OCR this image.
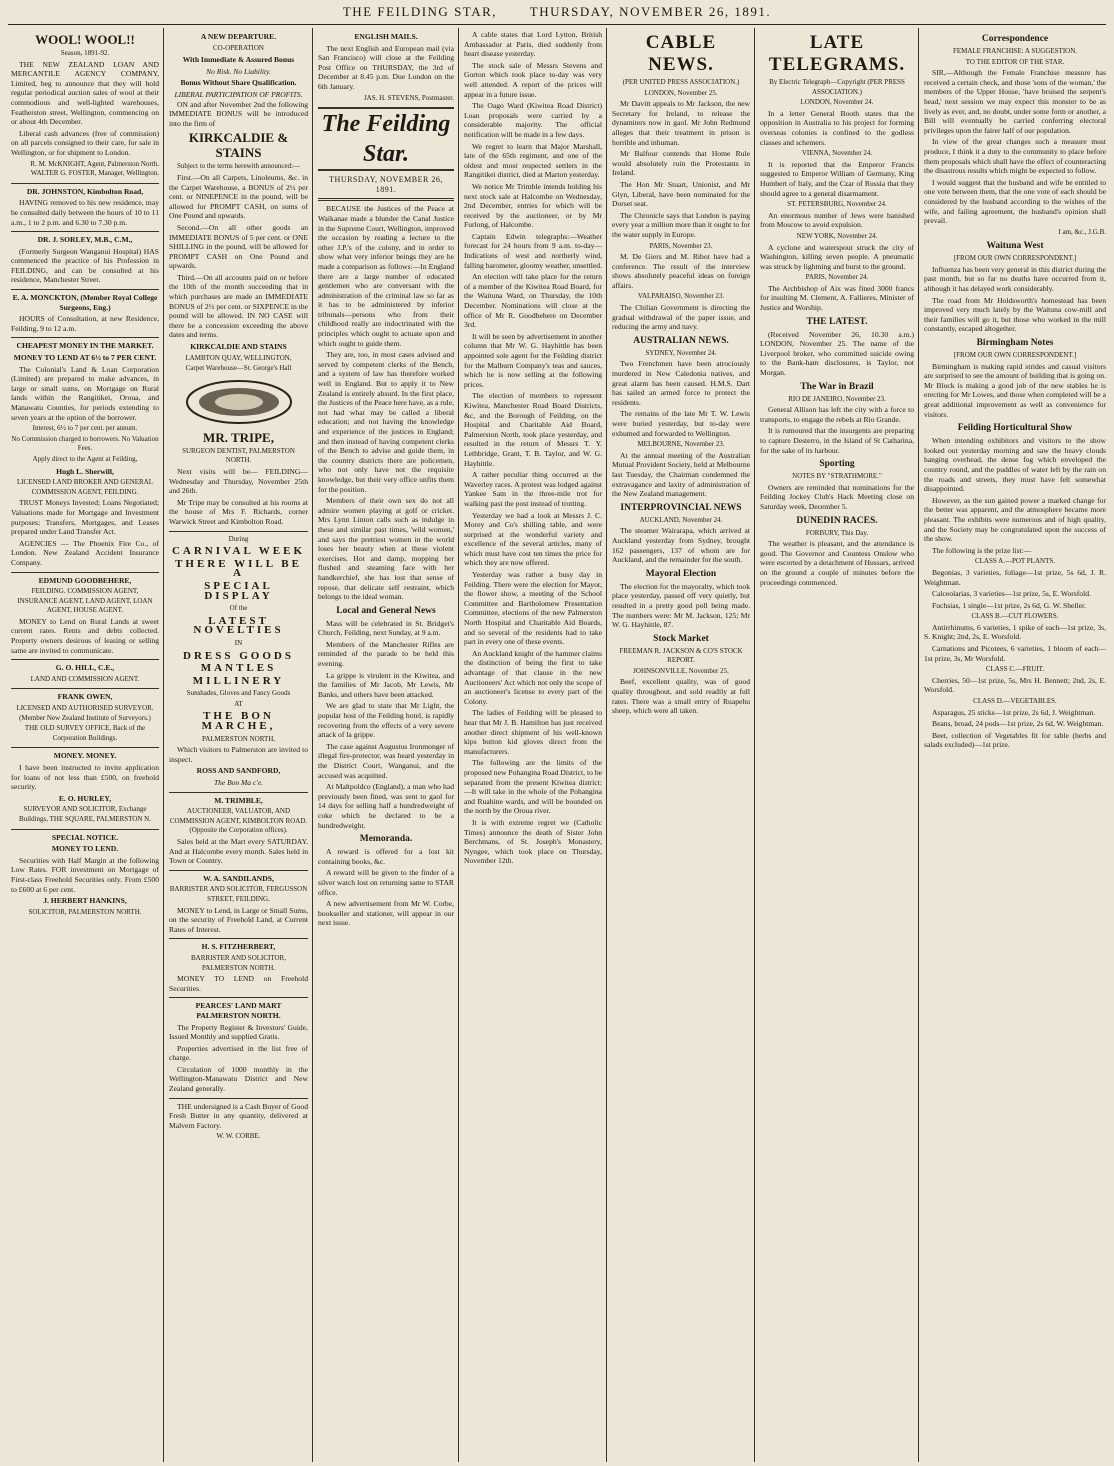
THE FEILDING STAR,	THURSDAY, NOVEMBER 26, 1891.
WOOL! WOOL!!
Season, 1891-92.

THE NEW ZEALAND LOAN AND MERCANTILE AGENCY COMPANY, Limited, beg to announce that they will hold regular periodical auction sales of wool at their commodious and well-lighted warehouses, Featherston street, Wellington, commencing on or about 4th December.

Liberal cash advances (free of commission) on all parcels consigned to their care, for sale in Wellington, or for shipment to London.

R. M. McKNIGHT, Agent, Palmerston North. WALTER G. FOSTER, Manager, Wellington.
DR. JOHNSTON, Kimbolton Road,

HAVING removed to his new residence, may be consulted daily between the hours of 10 to 11 a.m., 1 to 2 p.m. and 6.30 to 7.30 p.m.

DR. J. SORLEY, M.B., C.M.,

(Formerly Surgeon Wanganui Hospital) HAS commenced the practice of his Profession in FEILDING, and can be consulted at his residence, Manchester Street.

E. A. MONCKTON, (Member Royal College Surgeons, Eng.)

HOURS of Consultation, at new Residence, Feilding, 9 to 12 a.m.

CHEAPEST MONEY IN THE MARKET.
MONEY TO LEND AT 6½ to 7 PER CENT.

The Colonial's Land & Loan Corporation (Limited) are prepared to make advances, in large or small sums, on Mortgage on Rural lands within the Rangitikei, Oroua, and Manawatu Counties, for periods extending to seven years at the option of the borrower.

Interest, 6½ to 7 per cent. per annum.
No Commission charged to borrowers. No Valuation Fees.
Apply direct to the Agent at Feilding,
Hugh L. Sherwill,
LICENSED LAND BROKER AND GENERAL COMMISSION AGENT, FEILDING.

TRUST Moneys Invested; Loans Negotiated; Valuations made for Mortgage and Investment purposes; Transfers, Mortgages, and Leases prepared under Land Transfer Act.

AGENCIES — The Phoenix Fire Co., of London. New Zealand Accident Insurance Company.

EDMUND GOODBEHERE,
FEILDING. COMMISSION AGENT, INSURANCE AGENT, LAND AGENT, LOAN AGENT, HOUSE AGENT.

MONEY to Lend on Rural Lands at sweet current rates. Rents and debts collected. Property owners desirous of leasing or selling same are invited to communicate.

G. O. HILL, C.E.,
LAND AND COMMISSION AGENT.
FRANK OWEN,
LICENSED AND AUTHORISED SURVEYOR. (Member New Zealand Institute of Surveyors.)
THE OLD SURVEY OFFICE, Back of the Corporation Buildings.
MONEY. MONEY.

I have been instructed to invite application for loans of not less than £500, on freehold security.

E. O. HURLEY,
SURVEYOR AND SOLICITOR, Exchange Buildings, THE SQUARE, PALMERSTON N.
SPECIAL NOTICE.
MONEY TO LEND.

Securities with Half Margin at the following Low Rates. FOR investment on Mortgage of First-class Freehold Securities only. From £500 to £600 at 6 per cent.

J. HERBERT HANKINS,
SOLICITOR, PALMERSTON NORTH.
A NEW DEPARTURE.
CO-OPERATION
With Immediate & Assured Bonus
No Risk. No Liability.
Bonus Without Share Qualification.
LIBERAL PARTICIPATION OF PROFITS.

ON and after November 2nd the following IMMEDIATE BONUS will be introduced into the firm of

KIRKCALDIE & STAINS
Subject to the terms herewith announced:—

First.—On all Carpets, Linoleums, &c. in the Carpet Warehouse, a BONUS of 2½ per cent. or NINEPENCE in the pound, will be allowed for PROMPT CASH, on sums of One Pound and upwards.

Second.—On all other goods an IMMEDIATE BONUS of 5 per cent. or ONE SHILLING in the pound, will be allowed for PROMPT CASH on One Pound and upwards.

Third.—On all accounts paid on or before the 10th of the month succeeding that in which purchases are made an IMMEDIATE BONUS of 2½ per cent. or SIXPENCE in the pound will be allowed. IN NO CASE will there be a concession exceeding the above dates and terms.

KIRKCALDIE AND STAINS
LAMBTON QUAY, WELLINGTON,
Carpet Warehouse—St. George's Hall
MR. TRIPE,
SURGEON DENTIST, PALMERSTON NORTH.

Next visits will be— FEILDING—Wednesday and Thursday, November 25th and 26th.

Mr Tripe may be consulted at his rooms at the house of Mrs F. Richards, corner Warwick Street and Kimbolton Road.

During
CARNIVAL WEEK
THERE WILL BE A
SPECIAL DISPLAY
Of the
LATEST NOVELTIES
IN
DRESS GOODS
MANTLES
MILLINERY
Sunshades, Gloves and Fancy Goods
AT
THE BON MARCHE,
PALMERSTON NORTH,

Which visitors to Palmerston are invited to inspect.

ROSS AND SANDFORD,
The Bon Ma c'e.
M. TRIMBLE,
AUCTIONEER, VALUATOR, AND COMMISSION AGENT, KIMBOLTON ROAD. (Opposite the Corporation offices).

Sales held at the Mart every SATURDAY. And at Halcombe every month. Sales held in Town or Country.

W. A. SANDILANDS,
BARRISTER AND SOLICITOR, FERGUSSON STREET, FEILDING.

MONEY to Lend, in Large or Small Sums, on the security of Freehold Land, at Current Rates of Interest.

H. S. FITZHERBERT,
BARRISTER AND SOLICITOR, PALMERSTON NORTH.

MONEY TO LEND on Freehold Securities.

PEARCES' LAND MART PALMERSTON NORTH.

The Property Register & Investors' Guide, Issued Monthly and supplied Gratis.

Properties advertised in the list free of charge.

Circulation of 1000 monthly in the Wellington-Manawatu District and New Zealand generally.

THE undersigned is a Cash Buyer of Good Fresh Butter in any quantity, delivered at Malvern Factory.

W. W. CORBE.
ENGLISH MAILS.

The next English and European mail (via San Francisco) will close at the Feilding Post Office on THURSDAY, the 3rd of December at 8.45 p.m. Due London on the 6th January.

JAS. H. STEVENS, Postmaster.
The Feilding Star.
THURSDAY, NOVEMBER 26, 1891.

BECAUSE the Justices of the Peace at Waikanae made a blunder the Canal Justice in the Supreme Court, Wellington, improved the occasion by reading a lecture to the other J.P.'s of the colony, and in order to show what very inferior beings they are he made a comparison as follows:—In England there are a large number of educated gentlemen who are conversant with the administration of the criminal law so far as it has to be administered by inferior tribunals—persons who from their childhood really are indoctrinated with the principles which ought to actuate upon and which ought to guide them.

They are, too, in most cases advised and served by competent clerks of the Bench, and a system of law has therefore worked well in England. But to apply it to New Zealand is entirely absurd. In the first place, the Justices of the Peace here have, as a rule, not had what may be called a liberal education; and not having the knowledge and experience of the justices in England; and then instead of having competent clerks of the Bench to advise and guide them, in the country districts there are policemen, who not only have not the requisite knowledge, but their very office unfits them for the position.

Members of their own sex do not all admire women playing at golf or cricket. Mrs Lynn Linton calls such as indulge in these and similar past times, 'wild women,' and says the prettiest women in the world loses her beauty when at these violent exercises. Hot and damp, mopping her flushed and steaming face with her handkerchief, she has lost that sense of repose, that delicate self restraint, which belongs to the ideal woman.

Local and General News

Mass will be celebrated in St. Bridget's Church, Feilding, next Sunday, at 9 a.m.

Members of the Manchester Rifles are reminded of the parade to be held this evening.

La grippe is virulent in the Kiwitea, and the families of Mr Jacob, Mr Lewis, Mr Banks, and others have been attacked.

We are glad to state that Mr Light, the popular host of the Feilding hotel, is rapidly recovering from the effects of a very severe attack of la grippe.

The case against Augustus Ironmonger of illegal fire-protector, was heard yesterday in the District Court, Wanganui, and the accused was acquitted.

At Maltpoldco (England), a man who had previously been fined, was sent to gaol for 14 days for selling half a hundredweight of coke which he declared to be a hundredweight.

Memoranda.

A reward is offered for a lost kit containing books, &c.

A reward will be given to the finder of a silver watch lost on returning same to STAR office.

A new advertisement from Mr W. Corbe, bookseller and stationer, will appear in our next issue.

A cable states that Lord Lytton, British Ambassador at Paris, died suddenly from heart disease yesterday.

The stock sale of Messrs Stevens and Gorton which took place to-day was very well attended. A report of the prices will appear in a future issue.

The Oago Ward (Kiwitea Road District) Loan proposals were carried by a considerable majority. The official notification will be made in a few days.

We regret to learn that Major Marshall, late of the 65th regiment, and one of the oldest and most respected settlers in the Rangitikei district, died at Marton yesterday.

We notice Mr Trimble intends holding his next stock sale at Halcombe on Wednesday, 2nd December, entries for which will be received by the auctioneer, or by Mr Furlong, of Halcombe.

Captain Edwin telegraphs:—Weather forecast for 24 hours from 9 a.m. to-day—Indications of west and northerly wind, falling barometer, gloomy weather, unsettled.

An election will take place for the return of a member of the Kiwitea Road Board, for the Waituna Ward, on Thursday, the 10th December. Nominations will close at the office of Mr R. Goodbehere on December 3rd.

It will be seen by advertisement in another column that Mr W. G. Hayhittle has been appointed sole agent for the Feilding district for the Malburn Company's teas and sauces, which he is now selling at the following prices.

The election of members to represent Kiwitea, Manchester Road Board Districts, &c, and the Borough of Feilding, on the Hospital and Charitable Aid Board, Palmerston North, took place yesterday, and resulted in the return of Messrs T. Y. Lethbridge, Grant, T. B. Taylor, and W. G. Hayhittle.

A rather peculiar thing occurred at the Waverley races. A protest was lodged against Yankee Sam in the three-mile trot for walking past the post instead of trotting.

Yesterday we had a look at Messrs J. C. Morey and Co's shilling table, and were surprised at the wonderful variety and excellence of the several articles, many of which must have cost ten times the price for which they are now offered.

Yesterday was rather a busy day in Feilding. There were the election for Mayor, the flower show, a meeting of the School Committee and Bartholomew Presentation Committee, elections of the new Palmerston North Hospital and Charitable Aid Boards, and so several of the residents had to take part in every one of these events.

An Auckland knight of the hammer claims the distinction of being the first to take advantage of that clause in the new Auctioneers' Act which not only the scope of an auctioneer's license to every part of the Colony.

The ladies of Feilding will be pleased to hear that Mr J. B. Hamilton has just received another direct shipment of his well-known kips button kid gloves direct from the manufacturers.

The following are the limits of the proposed new Pohangina Road District, to be separated from the present Kiwitea district:—It will take in the whole of the Pohangina and Ruahine wards, and will be bounded on the north by the Oroua river.

It is with extreme regret we (Catholic Times) announce the death of Sister John Berchmans, of St. Joseph's Monastery, Nyngee, which took place on Thursday, November 12th.

CABLE NEWS.
(PER UNITED PRESS ASSOCIATION.)
LONDON, November 25.

Mr Davitt appeals to Mr Jackson, the new Secretary for Ireland, to release the dynamiters now in gaol. Mr John Redmond alleges that their treatment in prison is horrible and inhuman.

Mr Balfour contends that Home Rule would absolutely ruin the Protestants in Ireland.

The Hon Mr Stuart, Unionist, and Mr Glyn, Liberal, have been nominated for the Dorset seat.

The Chronicle says that London is paying every year a million more than it ought to for the water supply in Europe.

PARIS, November 23.

M. De Giers and M. Ribot have had a conference. The result of the interview shows absolutely peaceful ideas on foreign affairs.

VALPARAISO, November 23.

The Chilian Government is directing the gradual withdrawal of the paper issue, and reducing the army and navy.

AUSTRALIAN NEWS.
SYDNEY, November 24.

Two Frenchmen have been atrociously murdered in New Caledonia natives, and great alarm has been caused. H.M.S. Dart has sailed an armed force to protect the residents.

The remains of the late Mr T. W. Lewis were buried yesterday, but to-day were exhumed and forwarded to Wellington.

MELBOURNE, November 23.

At the annual meeting of the Australian Mutual Provident Society, held at Melbourne last Tuesday, the Chairman condemned the extravagance and laxity of administration of the New Zealand management.

INTERPROVINCIAL NEWS
AUCKLAND, November 24.

The steamer Wairarapa, which arrived at Auckland yesterday from Sydney, brought 162 passengers, 137 of whom are for Auckland, and the remainder for the south.

Mayoral Election

The election for the mayoralty, which took place yesterday, passed off very quietly, but resulted in a pretty good poll being made. The numbers were: Mr M. Jackson, 125; Mr W. G. Hayhittle, 87.

Stock Market
FREEMAN R. JACKSON & CO'S STOCK REPORT.
JOHNSONVILLE, November 25.

Beef, excellent quality, was of good quality throughout, and sold readily at full rates. There was a small entry of Ruapehu sheep, which were all taken.

LATE TELEGRAMS.
By Electric Telegraph—Copyright (PER PRESS ASSOCIATION.)
LONDON, November 24.

In a letter General Booth states that the opposition in Australia to his project for forming overseas colonies is confined to the godless classes and schemers.

VIENNA, November 24.

It is reported that the Emperor Francis suggested to Emperor William of Germany, King Humbert of Italy, and the Czar of Russia that they should agree to a general disarmament.

ST. PETERSBURG, November 24.

An enormous number of Jews were banished from Moscow to avoid expulsion.

NEW YORK, November 24.

A cyclone and waterspout struck the city of Washington, killing seven people. A pneumatic was struck by lightning and burst to the ground.

PARIS, November 24.

The Archbishop of Aix was fined 3000 francs for insulting M. Clement, A. Fallieres, Minister of Justice and Worship.

THE LATEST.

(Received November 26, 10.30 a.m.) LONDON, November 25. The name of the Liverpool broker, who committed suicide owing to the Bank-ham disclosures, is Taylor, not Morgan.

The War in Brazil
RIO DE JANEIRO, November 23.

General Allison has left the city with a force to transports, to engage the rebels at Rio Grande.

It is rumoured that the insurgents are preparing to capture Desterro, in the Island of St Catharina, for the sake of its harbour.

Sporting
NOTES BY "STRATHMORE."

Owners are reminded that nominations for the Feilding Jockey Club's Hack Meeting close on Saturday week, December 5.

DUNEDIN RACES.
FORBURY, This Day.

The weather is pleasant, and the attendance is good. The Governor and Countess Onslow who were escorted by a detachment of Hussars, arrived on the ground a couple of minutes before the proceedings commenced.

Correspondence
FEMALE FRANCHISE: A SUGGESTION.
TO THE EDITOR OF THE STAR.

SIR,—Although the Female Franchise measure has received a certain check, and those 'sons of the woman,' the members of the Upper House, 'have bruised the serpent's head,' next session we may expect this monster to be as lively as ever, and, no doubt, under some form or another, a Bill will eventually be carried conferring electoral privileges upon the fairer half of our population.

In view of the great changes such a measure must produce, I think it a duty to the community to place before them proposals which shall have the effect of counteracting the disastrous results which might be expected to follow.

I would suggest that the husband and wife be entitled to one vote between them, that the one vote of each should be considered by the husband according to the wishes of the wife, and failing agreement, the husband's opinion shall prevail.

I am, &c., J.G.B.
Waituna West
[FROM OUR OWN CORRESPONDENT.]

Influenza has been very general in this district during the past month, but so far no deaths have occurred from it, although it has delayed work considerably.

The road from Mr Holdsworth's homestead has been improved very much lately by the Waituna cow-mill and their families will go it, but those who worked in the mill constantly, escaped altogether.

Birmingham Notes
[FROM OUR OWN CORRESPONDENT.]

Birmingham is making rapid strides and casual visitors are surprised to see the amount of building that is going on. Mr Block is making a good job of the new stables he is erecting for Mr Lowes, and those when completed will be a great additional improvement as well as convenience for visitors.

Feilding Horticultural Show

When intending exhibitors and visitors to the show looked out yesterday morning and saw the heavy clouds hanging overhead, the dense fog which enveloped the country round, and the puddles of water left by the rain on the roads and streets, they must have felt somewhat disappointed.

However, as the sun gained power a marked change for the better was apparent, and the atmosphere became more pleasant. The exhibits were numerous and of high quality, and the Society may be congratulated upon the success of the show.

The following is the prize list:—

CLASS A.—POT PLANTS.

Begonias, 3 varieties, foliage—1st prize, 5s 6d, J. R. Weightman.

Calceolarias, 3 varieties—1st prize, 5s, E. Worsfold.

Fuchsias, 1 single—1st prize, 2s 6d, G. W. Sheller.

CLASS B.—CUT FLOWERS.

Antirrhinums, 6 varieties, 1 spike of each—1st prize, 3s, S. Knight; 2nd, 2s, E. Worsfold.

Carnations and Picotees, 6 varieties, 1 bloom of each—1st prize, 3s, Mr Worsfold.

CLASS C.—FRUIT.

Cherries, 50—1st prize, 5s, Mrs H. Bennett; 2nd, 2s, E. Worsfold.

CLASS D.—VEGETABLES.

Asparagus, 25 sticks—1st prize, 2s 6d, J. Weightman.

Beans, broad, 24 pods—1st prize, 2s 6d, W. Weightman.

Beet, collection of Vegetables fit for table (herbs and salads excluded)—1st prize.
